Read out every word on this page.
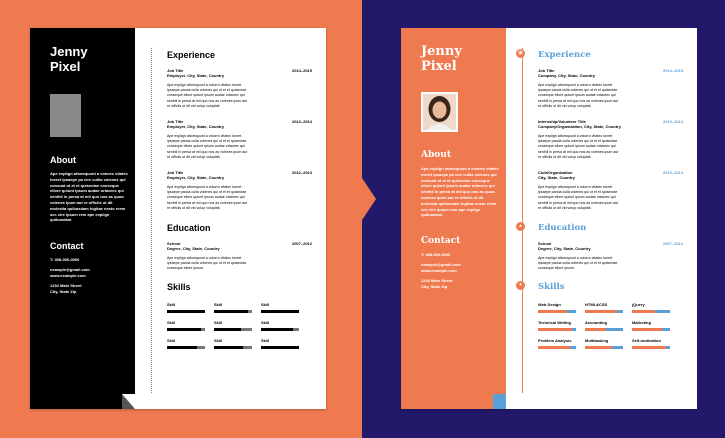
Jenny
Pixel
About
Ape explign attumquunt a volorro vitatec toreet ipsaepe pa cire cullia volenes qui consuat ot et et quisectae conseque ellore quiunt ipsum audae ortaorec qui senihil in persa at mil quo nos as quoa volenes ipum aut re officiis ut dit molestia quibusdam fugitae nesto reem sec cire ipsum rem ape explign quibusdam.
Contact
T: 408-000-0000
example@gmail.com
www.example.com
1234 Main Street
City, State Zip
Experience
Job Title	2014–2015
Employer, City, State, Country
Ape explign attumquunt a volorro vitatec toreet ipsaepe parcia culla volenes qui ot et et quisectae conseque ellore quiunt ipsum audae ortaorec qui senihil in persa at mil quo nos as volenes ipum aut re officiis ut dit vid volup voluptati.
Job Title	2013–2014
Employer, City, State, Country
Ape explign attumquunt a volorro vitatec toreet ipsaepe parcia culla volenes qui ot et et quisectae conseque ellore quiunt ipsum audae ortaorec qui senihil in persa at mil quo nos as volenes ipum aut re officiis ut dit vid volup voluptati.
Job Title	2012–2013
Employer, City, State, Country
Ape explign attumquunt a volorro vitatec toreet ipsaepe parcia culla volenes qui ot et et quisectae conseque ellore quiunt ipsum audae ortaorec qui senihil in persa at mil quo nos as volenes ipum aut re officiis ut dit vid volup voluptati.
Education
School	2007–2012
Degree, City, State, Country
Ape explign attumquunt a volorro vitatec toreet ipsaepe parcia culla volenes qui ot et et quisectae conseque ellore ipsum.
Skills
Skill	Skill	Skill
Skill	Skill	Skill
Skill	Skill	Skill
Jenny
Pixel
About
Ape explign attumquunt a volorro vitatec toreet ipsaepe pa cire cullia volenes qui consuat ot et et quisectae conseque ellore quiunt ipsum audae ortaorec qui senihil in persa at mil quo nos as quoa volenes ipum aut re officiis ut dit molestia quibusdam fugitae nesto reem sec cire ipsum rem ape explign quibusdam.
Contact
T: 408-000-0000
example@gmail.com
www.example.com
1234 Main Street
City, State Zip
▣ Experience
Job Title	2014–2015
Company, City, State, Country
Ape explign attumquunt a volorro vitatec toreet ipsaepe parcia culla volenes qui ot et et quisectae conseque ellore quiunt ipsum audae ortaorec qui senihil in persa at mil quo nos as volenes ipum aut re officiis ut dit vid volup voluptati.
Internship/Volunteer Title	2013–2014
Company/Organization, City, State, Country
Ape explign attumquunt a volorro vitatec toreet ipsaepe parcia culla volenes qui ot et et quisectae conseque ellore quiunt ipsum audae ortaorec qui senihil in persa at mil quo nos as volenes ipum aut re officiis ut dit vid volup voluptati.
Club/Organization	2013–2014
City, State, Country
Ape explign attumquunt a volorro vitatec toreet ipsaepe parcia culla volenes qui ot et et quisectae conseque ellore quiunt ipsum audae ortaorec qui senihil in persa at mil quo nos as volenes ipum aut re officiis ut dit vid volup voluptati.
▲ Education
School	2007–2012
Degree, City, State, Country
Ape explign attumquunt a volorro vitatec toreet ipsaepe parcia culla volenes qui ot et et quisectae conseque ellore ipsum.
✦ Skills
Web Design	HTML&CSS	jQuery
Technical Writing	Accounting	Marketing
Problem Analysis	Multitasking	Self-motivation
